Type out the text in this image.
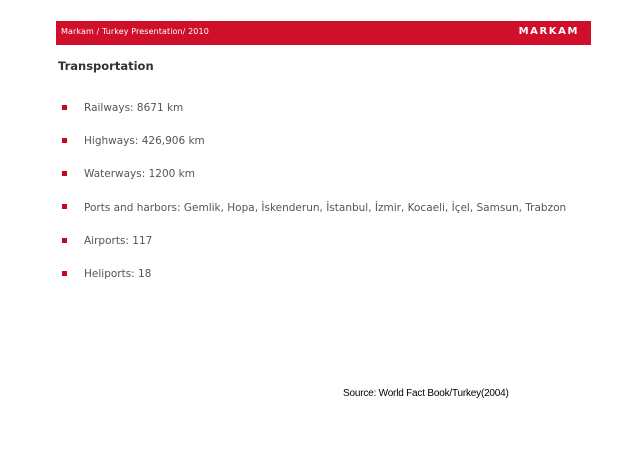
Markam / Turkey Presentation/ 2010	MARKAM
Transportation
Railways: 8671 km
Highways: 426,906 km
Waterways: 1200 km
Ports and harbors: Gemlik, Hopa, İskenderun, İstanbul, İzmir, Kocaeli, İçel, Samsun, Trabzon
Airports: 117
Heliports: 18
Source: World Fact Book/Turkey(2004)
